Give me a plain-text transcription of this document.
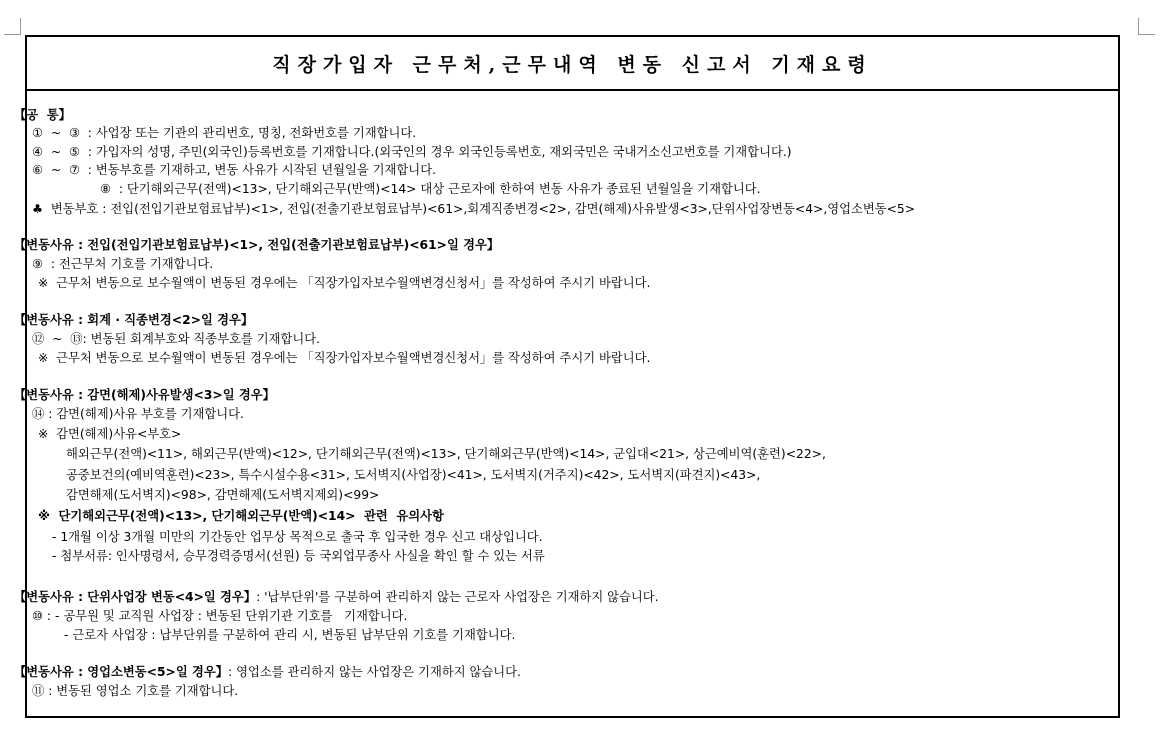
직장가입자 근무처,근무내역 변동 신고서 기재요령
【공  통】
①  ~  ③  : 사업장 또는 기관의 관리번호, 명칭, 전화번호를 기재합니다.
④  ~  ⑤  : 가입자의 성명, 주민(외국인)등록번호를 기재합니다.(외국인의 경우 외국인등록번호, 재외국민은 국내거소신고번호를 기재합니다.)
⑥  ~  ⑦  : 변동부호를 기재하고, 변동 사유가 시작된 년월일을 기재합니다.
⑧  : 단기해외근무(전액)<13>, 단기해외근무(반액)<14> 대상 근로자에 한하여 변동 사유가 종료된 년월일을 기재합니다.
♣  변동부호 : 전입(전입기관보험료납부)<1>, 전입(전출기관보험료납부)<61>,회계직종변경<2>, 감면(해제)사유발생<3>,단위사업장변동<4>,영업소변동<5>
【변동사유 : 전입(전입기관보험료납부)<1>, 전입(전출기관보험료납부)<61>일 경우】
⑨  : 전근무처 기호를 기재합니다.
※  근무처 변동으로 보수월액이 변동된 경우에는 「직장가입자보수월액변경신청서」를 작성하여 주시기 바랍니다.
【변동사유 : 회계 · 직종변경<2>일 경우】
⑫  ~  ⑬: 변동된 회계부호와 직종부호를 기재합니다.
※  근무처 변동으로 보수월액이 변동된 경우에는 「직장가입자보수월액변경신청서」를 작성하여 주시기 바랍니다.
【변동사유 : 감면(해제)사유발생<3>일 경우】
⑭ : 감면(해제)사유 부호를 기재합니다.
※  감면(해제)사유<부호>
해외근무(전액)<11>, 해외근무(반액)<12>, 단기해외근무(전액)<13>, 단기해외근무(반액)<14>, 군입대<21>, 상근예비역(훈련)<22>,
공중보건의(예비역훈련)<23>, 특수시설수용<31>, 도서벽지(사업장)<41>, 도서벽지(거주지)<42>, 도서벽지(파견지)<43>,
감면해제(도서벽지)<98>, 감면해제(도서벽지제외)<99>
※  단기해외근무(전액)<13>, 단기해외근무(반액)<14>  관련  유의사항
- 1개월 이상 3개월 미만의 기간동안 업무상 목적으로 출국 후 입국한 경우 신고 대상입니다.
- 첨부서류: 인사명령서, 승무경력증명서(선원) 등 국외업무종사 사실을 확인 할 수 있는 서류
【변동사유 : 단위사업장 변동<4>일 경우】: '납부단위'를 구분하여 관리하지 않는 근로자 사업장은 기재하지 않습니다.
⑩ : - 공무원 및 교직원 사업장 : 변동된 단위기관 기호를   기재합니다.
- 근로자 사업장 : 납부단위를 구분하여 관리 시, 변동된 납부단위 기호를 기재합니다.
【변동사유 : 영업소변동<5>일 경우】: 영업소를 관리하지 않는 사업장은 기재하지 않습니다.
⑪ : 변동된 영업소 기호를 기재합니다.
